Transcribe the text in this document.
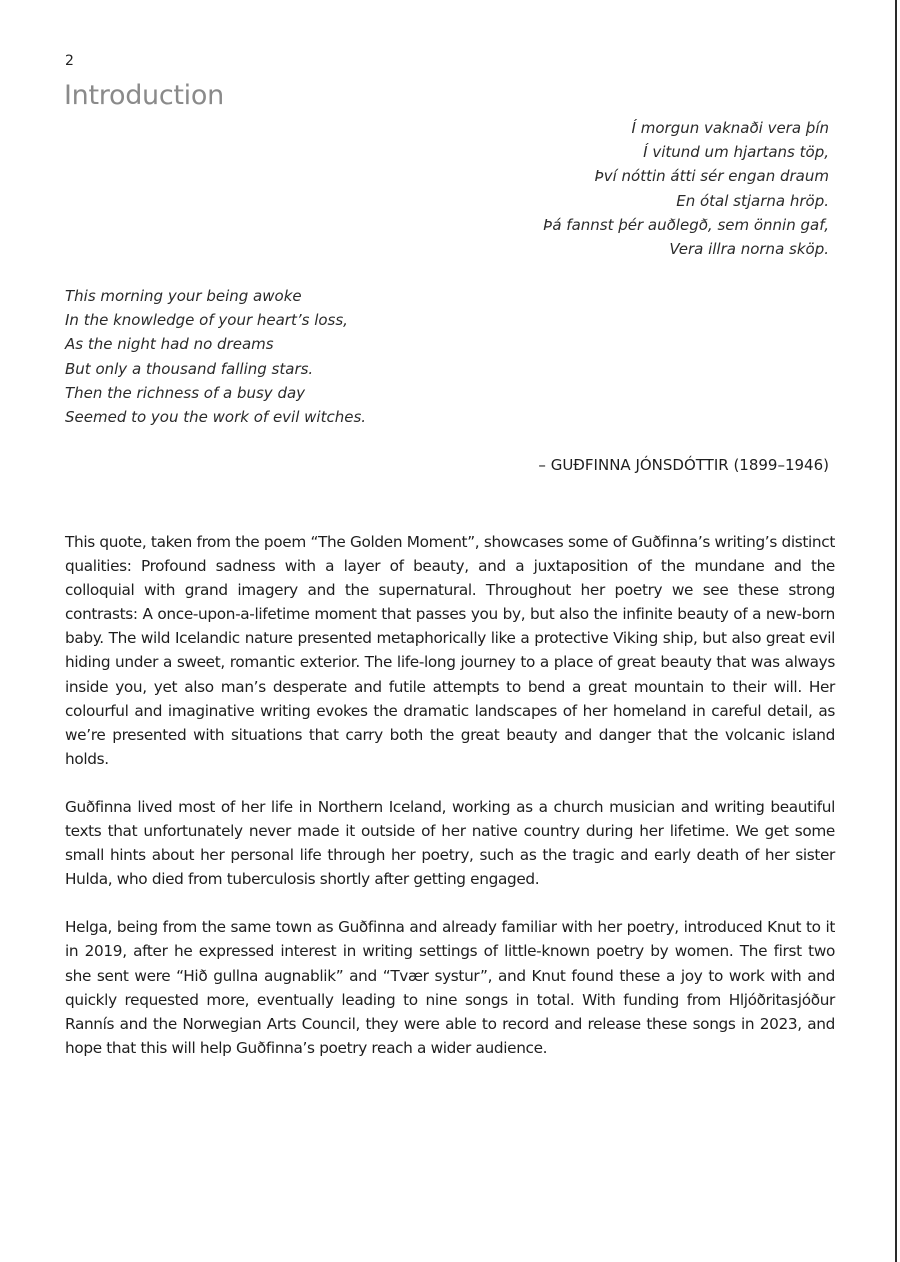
2
Introduction
Í morgun vaknaði vera þín
Í vitund um hjartans töp,
Því nóttin átti sér engan draum
En ótal stjarna hröp.
Þá fannst þér auðlegð, sem önnin gaf,
Vera illra norna sköp.
This morning your being awoke
In the knowledge of your heart’s loss,
As the night had no dreams
But only a thousand falling stars.
Then the richness of a busy day
Seemed to you the work of evil witches.
– GUÐFINNA JÓNSDÓTTIR (1899–1946)

This quote, taken from the poem “The Golden Moment”, showcases some of Guðfinna’s writing’s distinct qualities: Profound sadness with a layer of beauty, and a juxtaposition of the mundane and the colloquial with grand imagery and the supernatural. Throughout her poetry we see these strong contrasts: A once-upon-a-lifetime moment that passes you by, but also the infinite beauty of a new-born baby. The wild Icelandic nature presented metaphorically like a protective Viking ship, but also great evil hiding under a sweet, romantic exterior. The life-long journey to a place of great beauty that was always inside you, yet also man’s desperate and futile attempts to bend a great mountain to their will. Her colourful and imaginative writing evokes the dramatic landscapes of her homeland in careful detail, as we’re presented with situations that carry both the great beauty and danger that the volcanic island holds.

Guðfinna lived most of her life in Northern Iceland, working as a church musician and writing beautiful texts that unfortunately never made it outside of her native country during her lifetime. We get some small hints about her personal life through her poetry, such as the tragic and early death of her sister Hulda, who died from tuberculosis shortly after getting engaged.

Helga, being from the same town as Guðfinna and already familiar with her poetry, introduced Knut to it in 2019, after he expressed interest in writing settings of little-known poetry by women. The first two she sent were “Hið gullna augnablik” and “Tvær systur”, and Knut found these a joy to work with and quickly requested more, eventually leading to nine songs in total. With funding from Hljóðritasjóður Rannís and the Norwegian Arts Council, they were able to record and release these songs in 2023, and hope that this will help Guðfinna’s poetry reach a wider audience.
